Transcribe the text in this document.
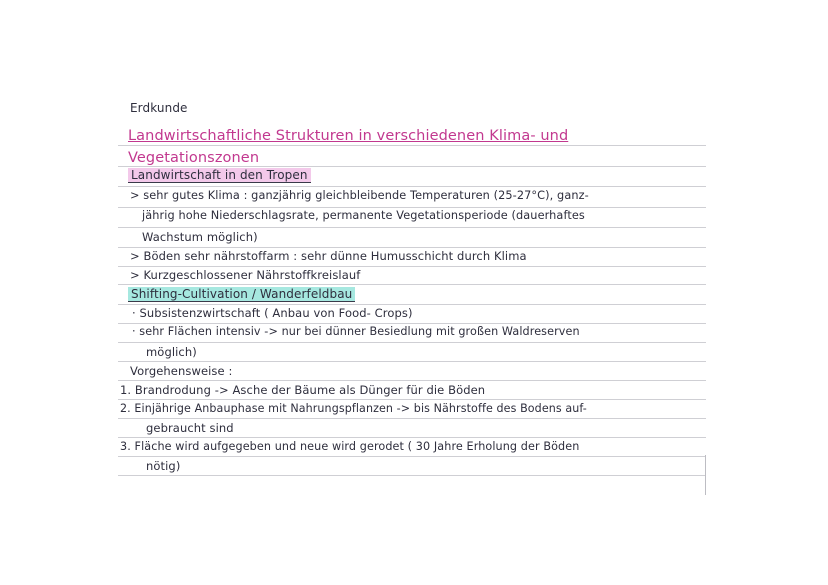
Erdkunde
Landwirtschaftliche Strukturen in verschiedenen Klima- und
Vegetationszonen
Landwirtschaft in den Tropen
> sehr gutes Klima : ganzjährig gleichbleibende Temperaturen (25-27°C), ganz-
jährig hohe Niederschlagsrate, permanente Vegetationsperiode (dauerhaftes
Wachstum möglich)
> Böden sehr nährstoffarm : sehr dünne Humusschicht durch Klima
> Kurzgeschlossener Nährstoffkreislauf
Shifting-Cultivation / Wanderfeldbau
· Subsistenzwirtschaft ( Anbau von Food- Crops)
· sehr Flächen intensiv -> nur bei dünner Besiedlung mit großen Waldreserven
möglich)
Vorgehensweise :
1. Brandrodung -> Asche der Bäume als Dünger für die Böden
2. Einjährige Anbauphase mit Nahrungspflanzen -> bis Nährstoffe des Bodens auf-
gebraucht sind
3. Fläche wird aufgegeben und neue wird gerodet ( 30 Jahre Erholung der Böden
nötig)
